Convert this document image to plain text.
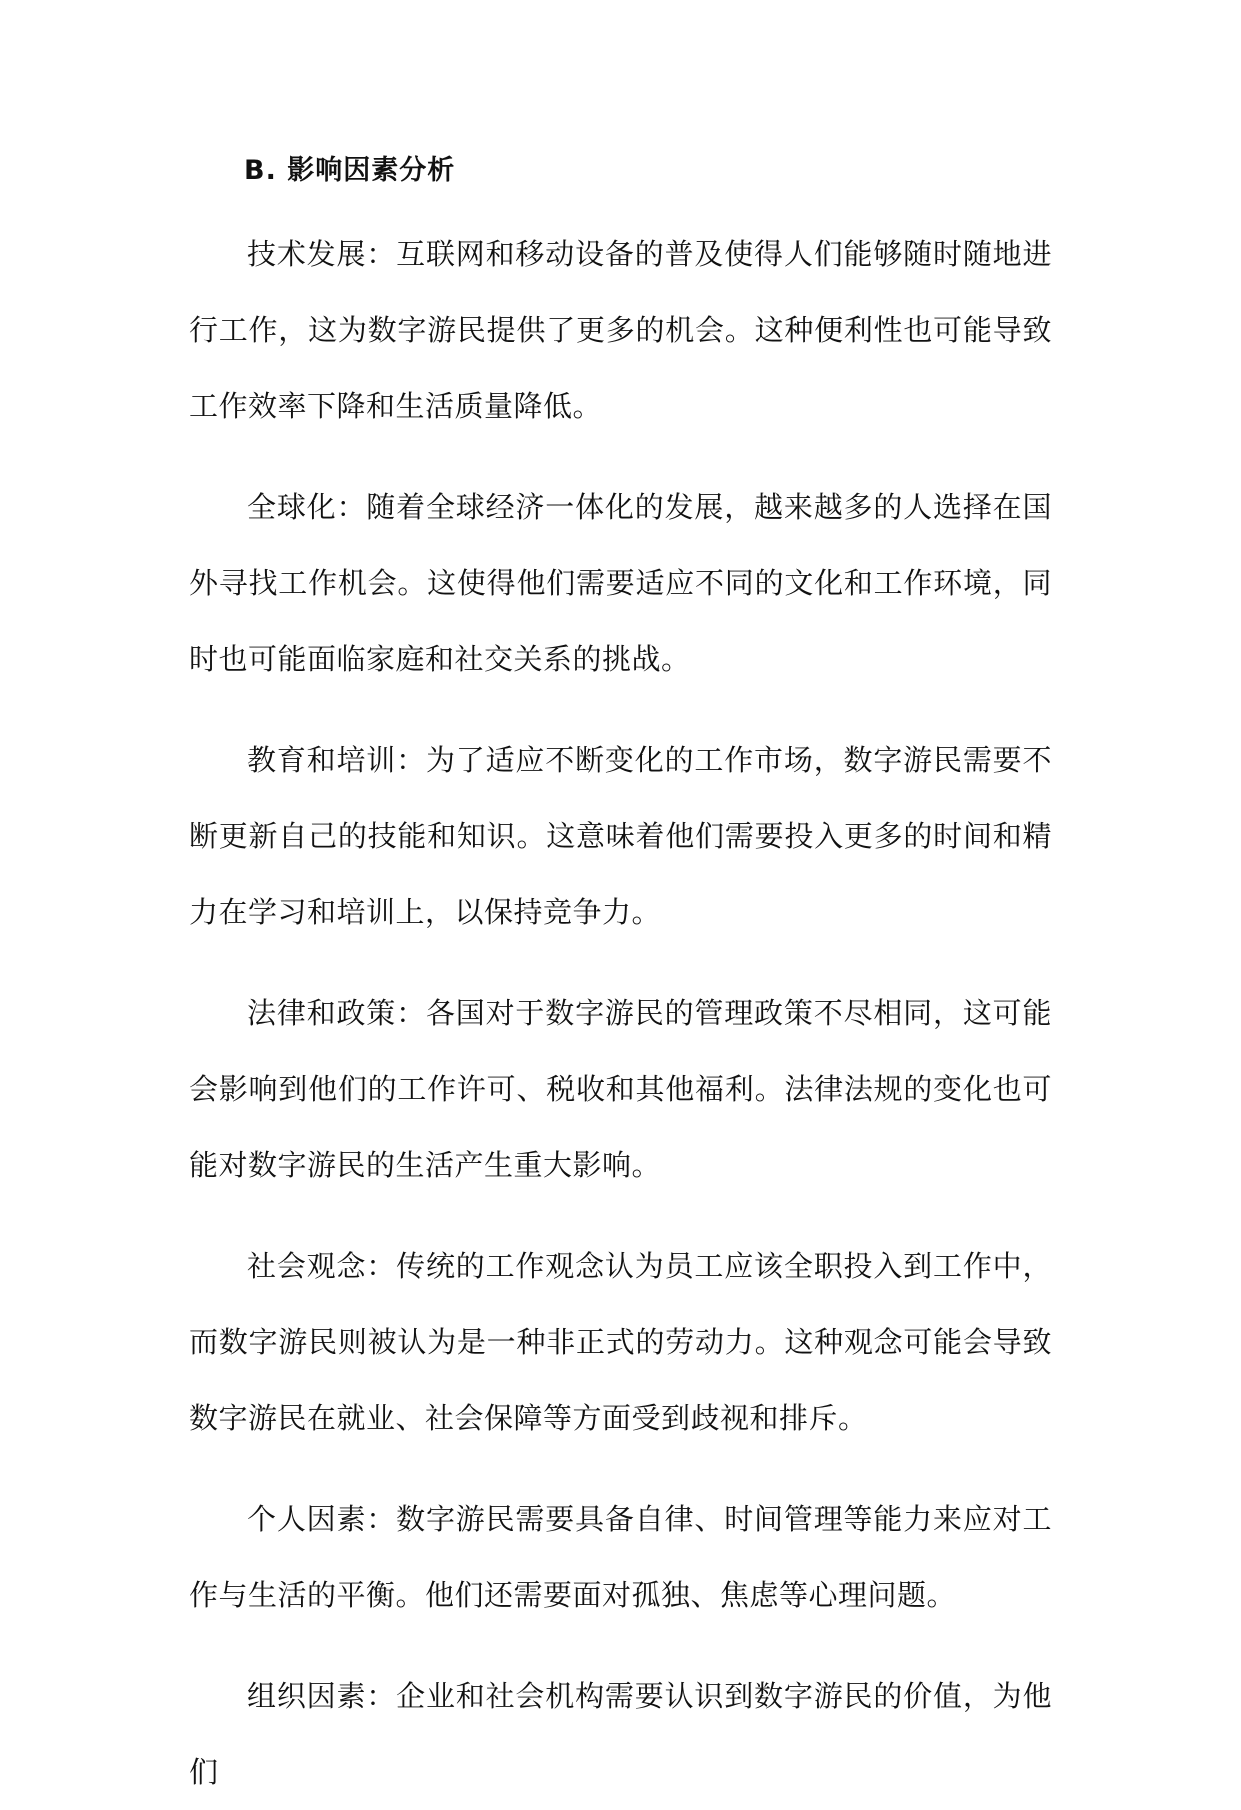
B. 影响因素分析

技术发展：互联网和移动设备的普及使得人们能够随时随地进行工作，这为数字游民提供了更多的机会。这种便利性也可能导致工作效率下降和生活质量降低。

全球化：随着全球经济一体化的发展，越来越多的人选择在国外寻找工作机会。这使得他们需要适应不同的文化和工作环境，同时也可能面临家庭和社交关系的挑战。

教育和培训：为了适应不断变化的工作市场，数字游民需要不断更新自己的技能和知识。这意味着他们需要投入更多的时间和精力在学习和培训上，以保持竞争力。

法律和政策：各国对于数字游民的管理政策不尽相同，这可能会影响到他们的工作许可、税收和其他福利。法律法规的变化也可能对数字游民的生活产生重大影响。

社会观念：传统的工作观念认为员工应该全职投入到工作中，而数字游民则被认为是一种非正式的劳动力。这种观念可能会导致数字游民在就业、社会保障等方面受到歧视和排斥。

个人因素：数字游民需要具备自律、时间管理等能力来应对工作与生活的平衡。他们还需要面对孤独、焦虑等心理问题。

组织因素：企业和社会机构需要认识到数字游民的价值，为他们
